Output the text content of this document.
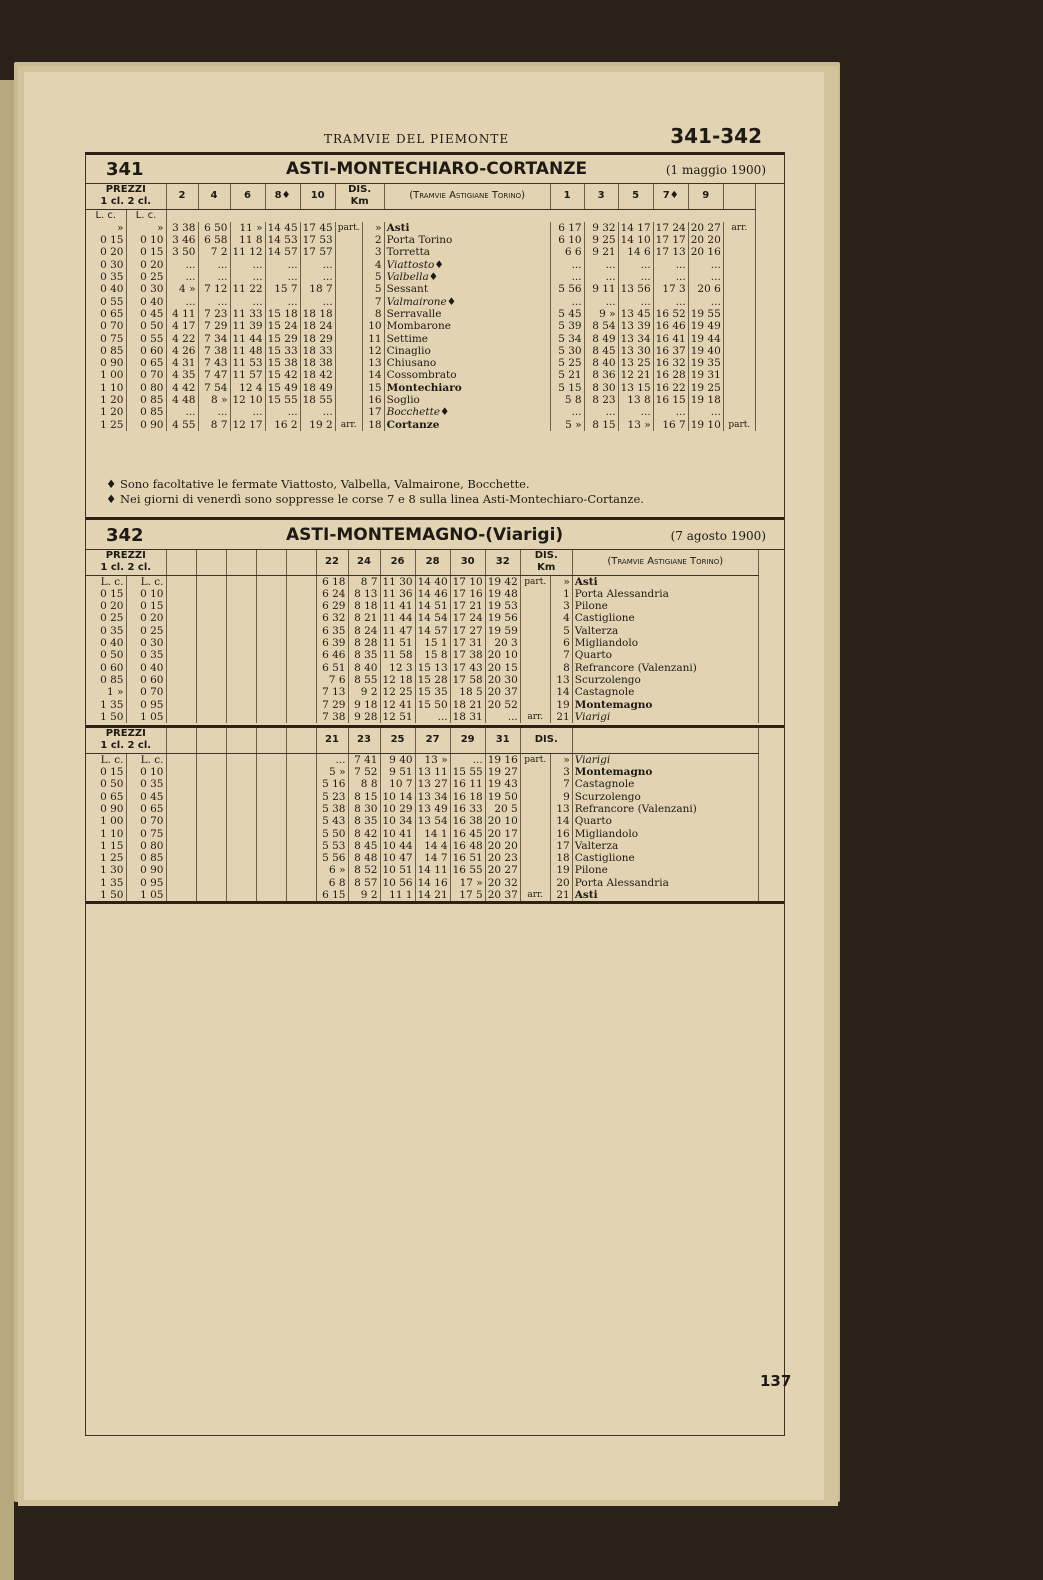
TRAMVIE DEL PIEMONTE	341-342
341	ASTI-MONTECHIARO-CORTANZE	(1 maggio 1900)
PREZZI
1 cl. 2 cl.		2	4	6	8♦	10	DIS.
Km		(Tramvie Astigiane Torino)	1	3	5	7♦	9	
L. c.	L. c.														
»	»	3 38	6 50	11 »	14 45	17 45	part.	»	Asti	6 17	9 32	14 17	17 24	20 27	arr.
0 15	0 10	3 46	6 58	11 8	14 53	17 53		2	Porta Torino	6 10	9 25	14 10	17 17	20 20	
0 20	0 15	3 50	7 2	11 12	14 57	17 57		3	Torretta	6 6	9 21	14 6	17 13	20 16	
0 30	0 20	...	...	...	...	...		4	Viattosto♦	...	...	...	...	...	
0 35	0 25	...	...	...	...	...		5	Valbella♦	...	...	...	...	...	
0 40	0 30	4 »	7 12	11 22	15 7	18 7		5	Sessant	5 56	9 11	13 56	17 3	20 6	
0 55	0 40	...	...	...	...	...		7	Valmairone♦	...	...	...	...	...	
0 65	0 45	4 11	7 23	11 33	15 18	18 18		8	Serravalle	5 45	9 »	13 45	16 52	19 55	
0 70	0 50	4 17	7 29	11 39	15 24	18 24		10	Mombarone	5 39	8 54	13 39	16 46	19 49	
0 75	0 55	4 22	7 34	11 44	15 29	18 29		11	Settime	5 34	8 49	13 34	16 41	19 44	
0 85	0 60	4 26	7 38	11 48	15 33	18 33		12	Cinaglio	5 30	8 45	13 30	16 37	19 40	
0 90	0 65	4 31	7 43	11 53	15 38	18 38		13	Chiusano	5 25	8 40	13 25	16 32	19 35	
1 00	0 70	4 35	7 47	11 57	15 42	18 42		14	Cossombrato	5 21	8 36	12 21	16 28	19 31	
1 10	0 80	4 42	7 54	12 4	15 49	18 49		15	Montechiaro	5 15	8 30	13 15	16 22	19 25	
1 20	0 85	4 48	8 »	12 10	15 55	18 55		16	Soglio	5 8	8 23	13 8	16 15	19 18	
1 20	0 85	...	...	...	...	...		17	Bocchette♦	...	...	...	...	...	
1 25	0 90	4 55	8 7	12 17	16 2	19 2	arr.	18	Cortanze	5 »	8 15	13 »	16 7	19 10	part.
♦ Sono facoltative le fermate Viattosto, Valbella, Valmairone, Bocchette.
♦ Nei giorni di venerdì sono soppresse le corse 7 e 8 sulla linea Asti-Montechiaro-Cortanze.
342	ASTI-MONTEMAGNO-(Viarigi)	(7 agosto 1900)
PREZZI
1 cl. 2 cl.							22	24	26	28	30	32	DIS.
Km		(Tramvie Astigiane Torino)
L. c.	L. c.						6 18	8 7	11 30	14 40	17 10	19 42	part.	»	Asti
0 15	0 10						6 24	8 13	11 36	14 46	17 16	19 48		1	Porta Alessandria
0 20	0 15						6 29	8 18	11 41	14 51	17 21	19 53		3	Pilone
0 25	0 20						6 32	8 21	11 44	14 54	17 24	19 56		4	Castiglione
0 35	0 25						6 35	8 24	11 47	14 57	17 27	19 59		5	Valterza
0 40	0 30						6 39	8 28	11 51	15 1	17 31	20 3		6	Migliandolo
0 50	0 35						6 46	8 35	11 58	15 8	17 38	20 10		7	Quarto
0 60	0 40						6 51	8 40	12 3	15 13	17 43	20 15		8	Refrancore (Valenzani)
0 85	0 60						7 6	8 55	12 18	15 28	17 58	20 30		13	Scurzolengo
1 »	0 70						7 13	9 2	12 25	15 35	18 5	20 37		14	Castagnole
1 35	0 95						7 29	9 18	12 41	15 50	18 21	20 52		19	Montemagno
1 50	1 05						7 38	9 28	12 51	...	18 31	...	arr.	21	Viarigi
PREZZI
1 cl. 2 cl.							21	23	25	27	29	31	DIS.		
L. c.	L. c.						...	7 41	9 40	13 »	...	19 16	part.	»	Viarigi
0 15	0 10						5 »	7 52	9 51	13 11	15 55	19 27		3	Montemagno
0 50	0 35						5 16	8 8	10 7	13 27	16 11	19 43		7	Castagnole
0 65	0 45						5 23	8 15	10 14	13 34	16 18	19 50		9	Scurzolengo
0 90	0 65						5 38	8 30	10 29	13 49	16 33	20 5		13	Refrancore (Valenzani)
1 00	0 70						5 43	8 35	10 34	13 54	16 38	20 10		14	Quarto
1 10	0 75						5 50	8 42	10 41	14 1	16 45	20 17		16	Migliandolo
1 15	0 80						5 53	8 45	10 44	14 4	16 48	20 20		17	Valterza
1 25	0 85						5 56	8 48	10 47	14 7	16 51	20 23		18	Castiglione
1 30	0 90						6 »	8 52	10 51	14 11	16 55	20 27		19	Pilone
1 35	0 95						6 8	8 57	10 56	14 16	17 »	20 32		20	Porta Alessandria
1 50	1 05						6 15	9 2	11 1	14 21	17 5	20 37	arr.	21	Asti
137
